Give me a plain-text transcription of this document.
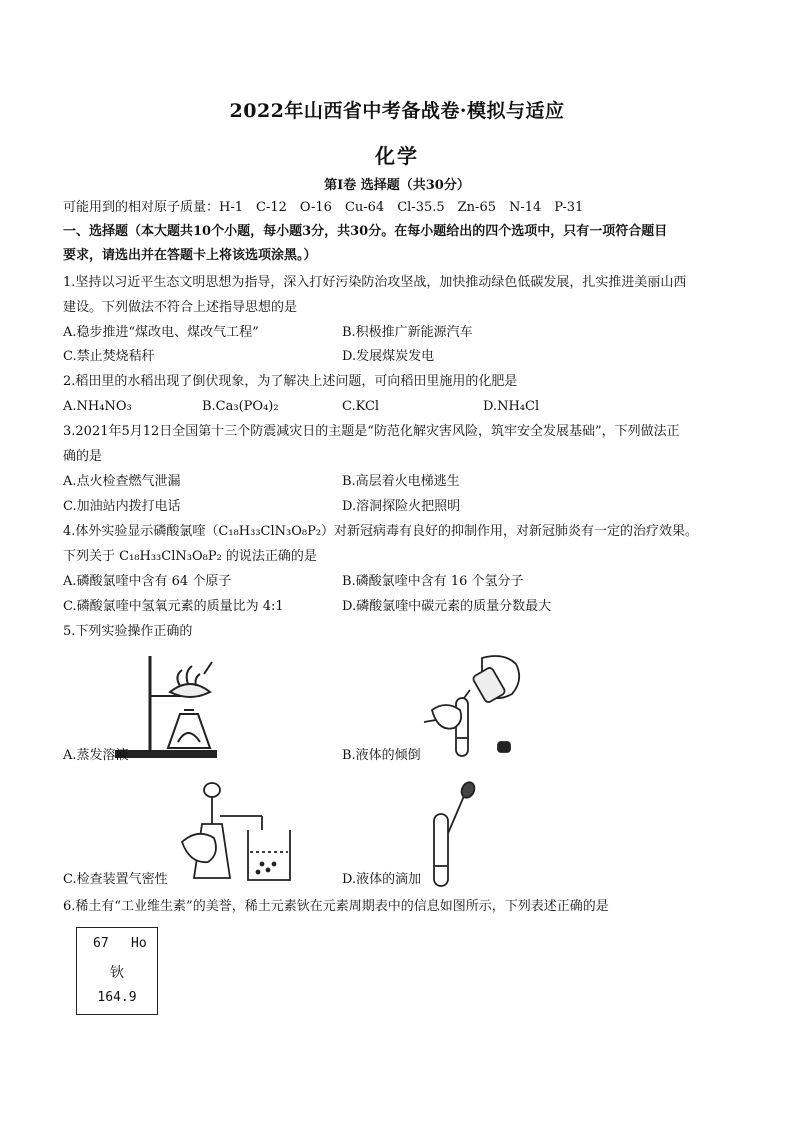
2022年山西省中考备战卷·模拟与适应
化学
第Ⅰ卷 选择题（共30分）
可能用到的相对原子质量：H-1　C-12　O-16　Cu-64　Cl-35.5　Zn-65　N-14　P-31
一、选择题（本大题共10个小题，每小题3分，共30分。在每小题给出的四个选项中，只有一项符合题目
要求，请选出并在答题卡上将该选项涂黑。）
1.坚持以习近平生态文明思想为指导，深入打好污染防治攻坚战，加快推动绿色低碳发展，扎实推进美丽山西
建设。下列做法不符合上述指导思想的是
A.稳步推进“煤改电、煤改气工程”	B.积极推广新能源汽车
C.禁止焚烧秸秆	D.发展煤炭发电
2.稻田里的水稻出现了倒伏现象，为了解决上述问题，可向稻田里施用的化肥是
A.NH₄NO₃	B.Ca₃(PO₄)₂	C.KCl	D.NH₄Cl
3.2021年5月12日全国第十三个防震减灾日的主题是“防范化解灾害风险，筑牢安全发展基础”，下列做法正
确的是
A.点火检查燃气泄漏	B.高层着火电梯逃生
C.加油站内拨打电话	D.溶洞探险火把照明
4.体外实验显示磷酸氯喹（C₁₈H₃₃ClN₃O₈P₂）对新冠病毒有良好的抑制作用，对新冠肺炎有一定的治疗效果。
下列关于 C₁₈H₃₃ClN₃O₈P₂ 的说法正确的是
A.磷酸氯喹中含有 64 个原子	B.磷酸氯喹中含有 16 个氢分子
C.磷酸氯喹中氢氧元素的质量比为 4:1	D.磷酸氯喹中碳元素的质量分数最大
5.下列实验操作正确的
A.蒸发溶液	B.液体的倾倒
C.检查装置气密性	D.液体的滴加
6.稀土有“工业维生素”的美誉，稀土元素钬在元素周期表中的信息如图所示，下列表述正确的是
67 Ho
钬
164.9
